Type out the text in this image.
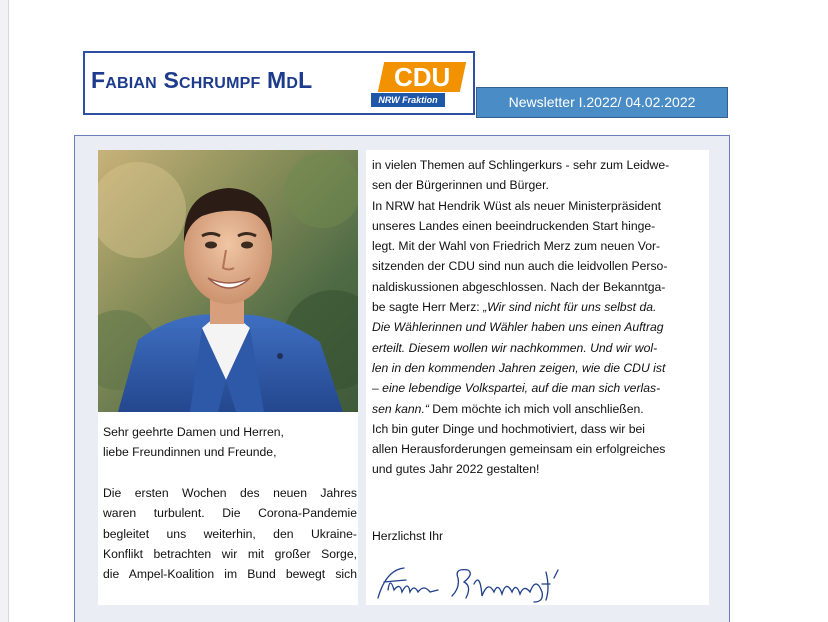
Fabian Schrumpf MdL	CDU
NRW Fraktion	Newsletter I.2022/ 04.02.2022
Sehr geehrte Damen und Herren,
liebe Freundinnen und Freunde,
Die ersten Wochen des neuen Jahres
waren turbulent. Die Corona-Pandemie
begleitet uns weiterhin, den Ukraine-
Konflikt betrachten wir mit großer Sorge,
die Ampel-Koalition im Bund bewegt sich
in vielen Themen auf Schlingerkurs - sehr zum Leidwe-
sen der Bürgerinnen und Bürger.
In NRW hat Hendrik Wüst als neuer Ministerpräsident
unseres Landes einen beeindruckenden Start hinge-
legt. Mit der Wahl von Friedrich Merz zum neuen Vor-
sitzenden der CDU sind nun auch die leidvollen Perso-
naldiskussionen abgeschlossen. Nach der Bekanntga-
be sagte Herr Merz: „Wir sind nicht für uns selbst da.
Die Wählerinnen und Wähler haben uns einen Auftrag
erteilt. Diesem wollen wir nachkommen. Und wir wol-
len in den kommenden Jahren zeigen, wie die CDU ist
– eine lebendige Volkspartei, auf die man sich verlas-
sen kann.“ Dem möchte ich mich voll anschließen.
Ich bin guter Dinge und hochmotiviert, dass wir bei
allen Herausforderungen gemeinsam ein erfolgreiches
und gutes Jahr 2022 gestalten!
Herzlichst Ihr
